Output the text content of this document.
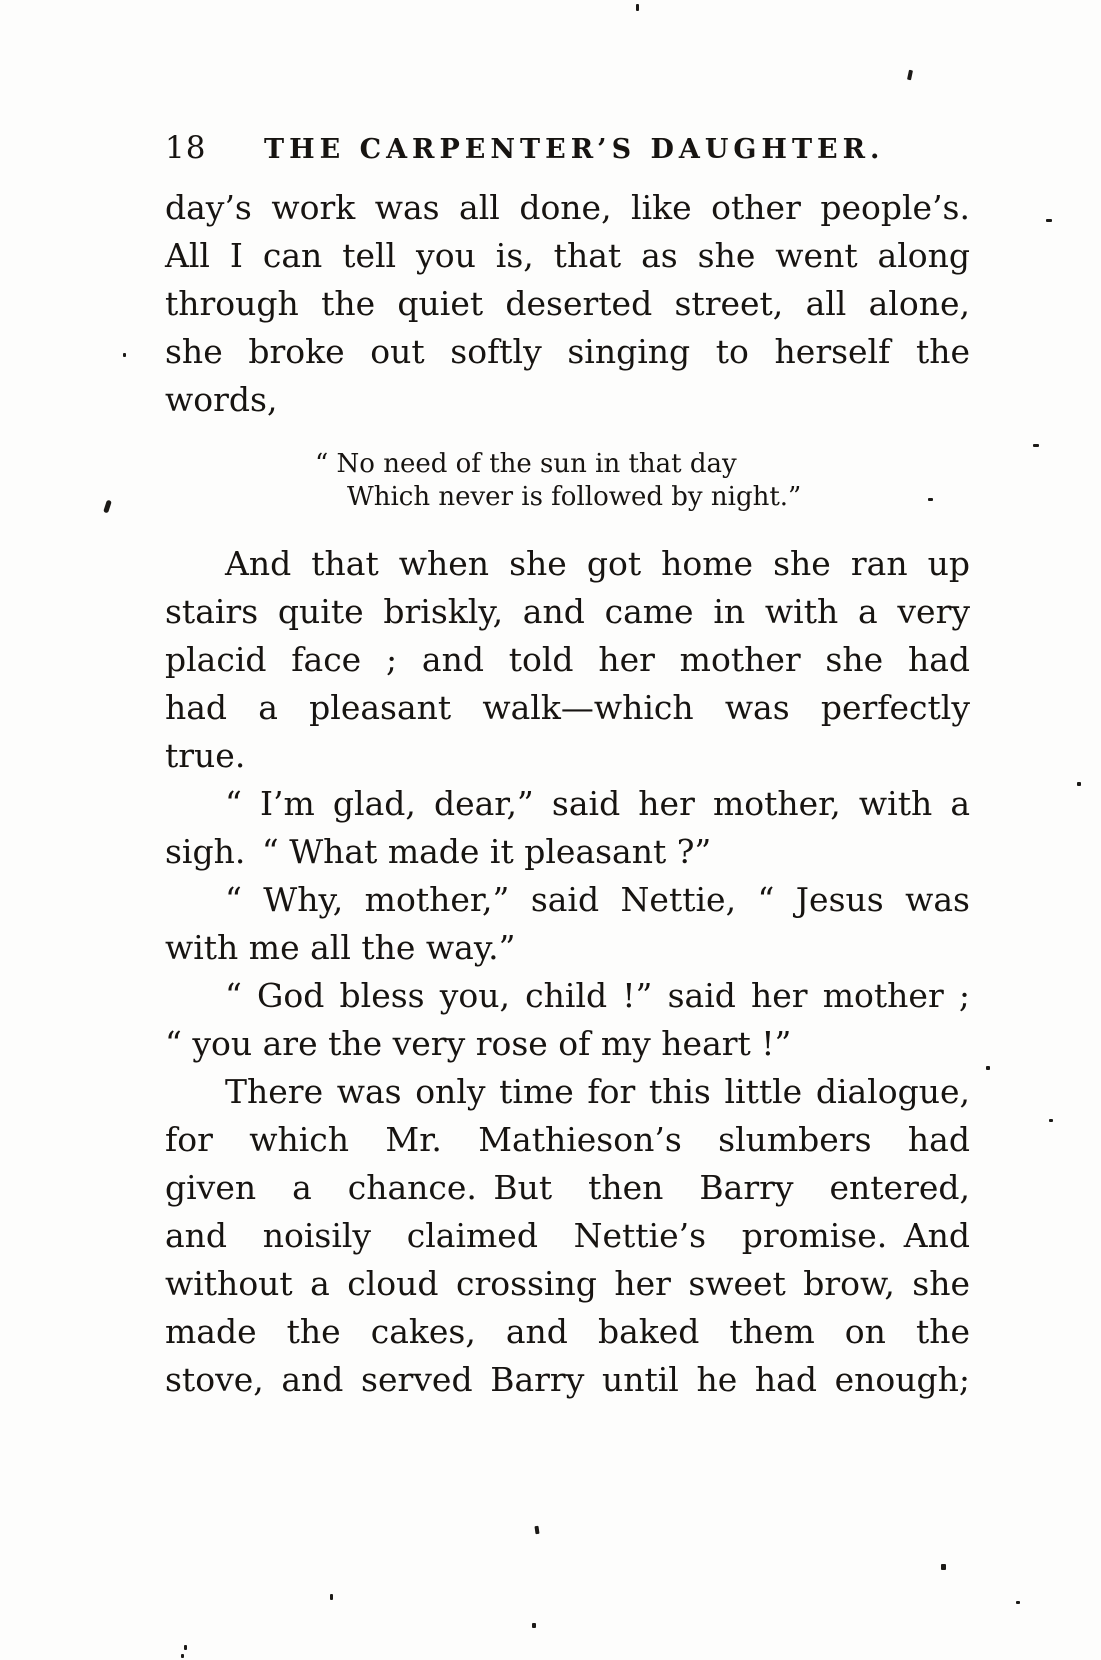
18	THE CARPENTER’S DAUGHTER.
day’s work was all done, like other people’s.
All I can tell you is, that as she went along
through the quiet deserted street, all alone,
she broke out softly singing to herself the
words,
“ No need of the sun in that day
Which never is followed by night.”
And that when she got home she ran up
stairs quite briskly, and came in with a very
placid face ; and told her mother she had
had a pleasant walk—which was perfectly
true.
“ I’m glad, dear,” said her mother, with a
sigh. “ What made it pleasant ?”
“ Why, mother,” said Nettie, “ Jesus was
with me all the way.”
“ God bless you, child !” said her mother ;
“ you are the very rose of my heart !”
There was only time for this little dialogue,
for which Mr. Mathieson’s slumbers had
given a chance. But then Barry entered,
and noisily claimed Nettie’s promise. And
without a cloud crossing her sweet brow, she
made the cakes, and baked them on the
stove, and served Barry until he had enough;
